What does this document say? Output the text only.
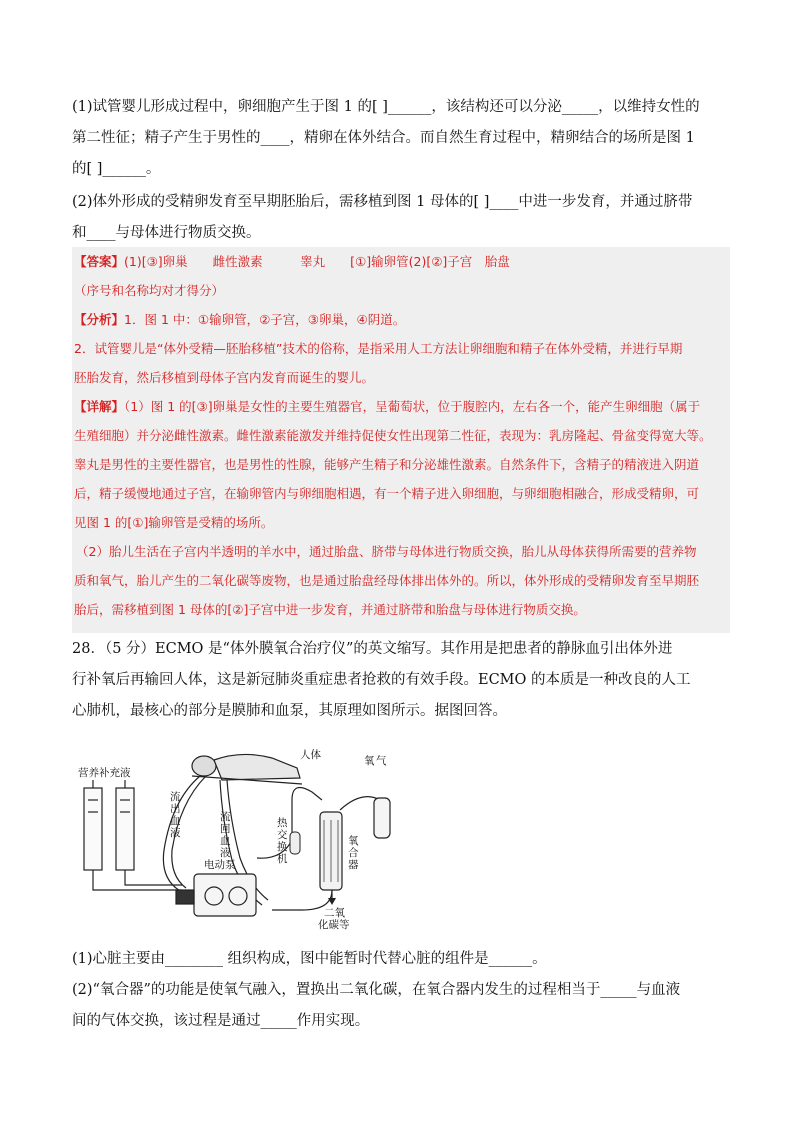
(1)试管婴儿形成过程中，卵细胞产生于图 1 的[ ]______，该结构还可以分泌_____，以维持女性的
第二性征；精子产生于男性的____，精卵在体外结合。而自然生育过程中，精卵结合的场所是图 1
的[ ]______。
(2)体外形成的受精卵发育至早期胚胎后，需移植到图 1 母体的[ ]____中进一步发育，并通过脐带
和____与母体进行物质交换。
【答案】(1)[③]卵巢　　雌性激素　　　睾丸　　[①]输卵管(2)[②]子宫　胎盘
（序号和名称均对才得分）
【分析】1．图 1 中：①输卵管，②子宫，③卵巢，④阴道。
2．试管婴儿是“体外受精—胚胎移植”技术的俗称，是指采用人工方法让卵细胞和精子在体外受精，并进行早期
胚胎发育，然后移植到母体子宫内发育而诞生的婴儿。
【详解】（1）图 1 的[③]卵巢是女性的主要生殖器官，呈葡萄状，位于腹腔内，左右各一个，能产生卵细胞（属于
生殖细胞）并分泌雌性激素。雌性激素能激发并维持促使女性出现第二性征，表现为：乳房隆起、骨盆变得宽大等。
睾丸是男性的主要性器官，也是男性的性腺，能够产生精子和分泌雄性激素。自然条件下，含精子的精液进入阴道
后，精子缓慢地通过子宫，在输卵管内与卵细胞相遇，有一个精子进入卵细胞，与卵细胞相融合，形成受精卵，可
见图 1 的[①]输卵管是受精的场所。
（2）胎儿生活在子宫内半透明的羊水中，通过胎盘、脐带与母体进行物质交换，胎儿从母体获得所需要的营养物
质和氧气，胎儿产生的二氧化碳等废物，也是通过胎盘经母体排出体外的。所以，体外形成的受精卵发育至早期胚
胎后，需移植到图 1 母体的[②]子宫中进一步发育，并通过脐带和胎盘与母体进行物质交换。
28．（5 分）ECMO 是“体外膜氧合治疗仪”的英文缩写。其作用是把患者的静脉血引出体外进
行补氧后再输回人体，这是新冠肺炎重症患者抢救的有效手段。ECMO 的本质是一种改良的人工
心肺机，最核心的部分是膜肺和血泵，其原理如图所示。据图回答。
人体
营养补充液
流
出
血
液
流
回
血
液
热
交
换
机
氧
合
器
氧 气
二氧
化碳等
电动泵
(1)心脏主要由________ 组织构成，图中能暂时代替心脏的组件是______。
(2)“氧合器”的功能是使氧气融入，置换出二氧化碳，在氧合器内发生的过程相当于_____与血液
间的气体交换，该过程是通过_____作用实现。
